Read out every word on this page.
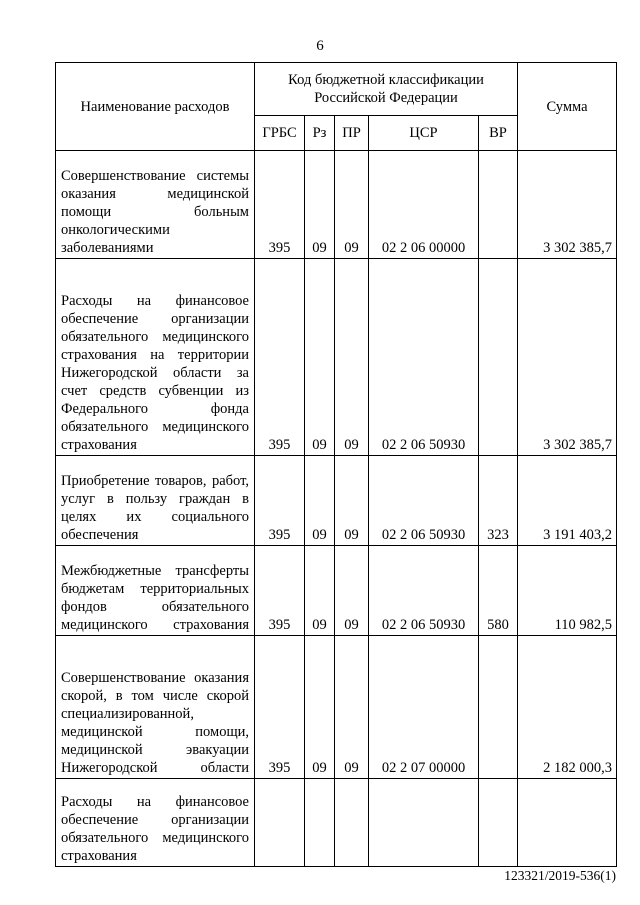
6
Наименование расходов	Код бюджетной классификации Российской Федерации					Сумма
	ГРБС	Рз	ПР	ЦСР	ВР	
Совершенствование системы оказания медицинской помощи больным онкологическими заболеваниями	395	09	09	02 2 06 00000		3 302 385,7
Расходы на финансовое обеспечение организации обязательного медицинского страхования на территории Нижегородской области за счет средств субвенции из Федерального фонда обязательного медицинского страхования	395	09	09	02 2 06 50930		3 302 385,7
Приобретение товаров, работ, услуг в пользу граждан в целях их социального обеспечения	395	09	09	02 2 06 50930	323	3 191 403,2
Межбюджетные трансферты бюджетам территориальных фондов обязательного медицинского страхования	395	09	09	02 2 06 50930	580	110 982,5
Совершенствование оказания скорой, в том числе скорой специализированной, медицинской помощи, медицинской эвакуации Нижегородской области	395	09	09	02 2 07 00000		2 182 000,3
Расходы на финансовое обеспечение организации обязательного медицинского страхования						
123321/2019-536(1)
